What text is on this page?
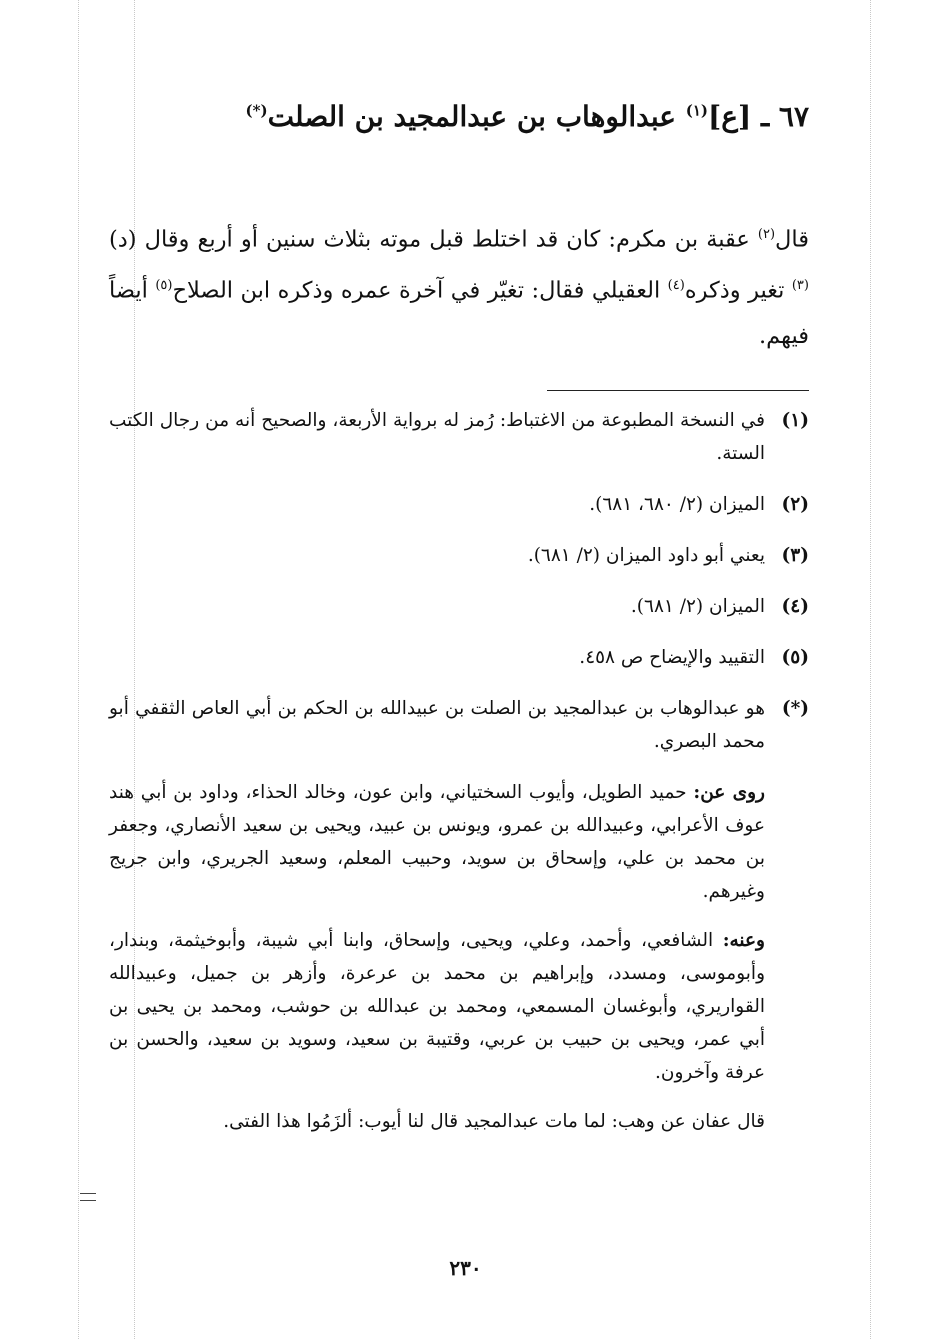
٦٧ ـ [ع]$^{(١)}$ عبدالوهاب بن عبدالمجيد بن الصلت(*)

قال$^{(٢)}$ عقبة بن مكرم: كان قد اختلط قبل موته بثلاث سنين أو أربع وقال (د)$^{(٣)}$ تغير وذكره$^{(٤)}$ العقيلي فقال: تغيّر في آخرة عمره وذكره ابن الصلاح$^{(٥)}$ أيضاً فيهم.

(١)
في النسخة المطبوعة من الاغتباط: رُمز له برواية الأربعة، والصحيح أنه من رجال الكتب الستة.
(٢)
الميزان (٢/ ٦٨٠، ٦٨١).
(٣)
يعني أبو داود الميزان (٢/ ٦٨١).
(٤)
الميزان (٢/ ٦٨١).
(٥)
التقييد والإيضاح ص ٤٥٨.
(*)
هو عبدالوهاب بن عبدالمجيد بن الصلت بن عبيدالله بن الحكم بن أبي العاص الثقفي أبو محمد البصري.

روى عن: حميد الطويل، وأيوب السختياني، وابن عون، وخالد الحذاء، وداود بن أبي هند عوف الأعرابي، وعبيدالله بن عمرو، ويونس بن عبيد، ويحيى بن سعيد الأنصاري، وجعفر بن محمد بن علي، وإسحاق بن سويد، وحبيب المعلم، وسعيد الجريري، وابن جريج وغيرهم.

وعنه: الشافعي، وأحمد، وعلي، ويحيى، وإسحاق، وابنا أبي شيبة، وأبوخيثمة، وبندار، وأبوموسى، ومسدد، وإبراهيم بن محمد بن عرعرة، وأزهر بن جميل، وعبيدالله القواريري، وأبوغسان المسمعي، ومحمد بن عبدالله بن حوشب، ومحمد بن يحيى بن أبي عمر، ويحيى بن حبيب بن عربي، وقتيبة بن سعيد، وسويد بن سعيد، والحسن بن عرفة وآخرون.

قال عفان عن وهب: لما مات عبدالمجيد قال لنا أيوب: ألزَمُوا هذا الفتى.

٢٣٠
